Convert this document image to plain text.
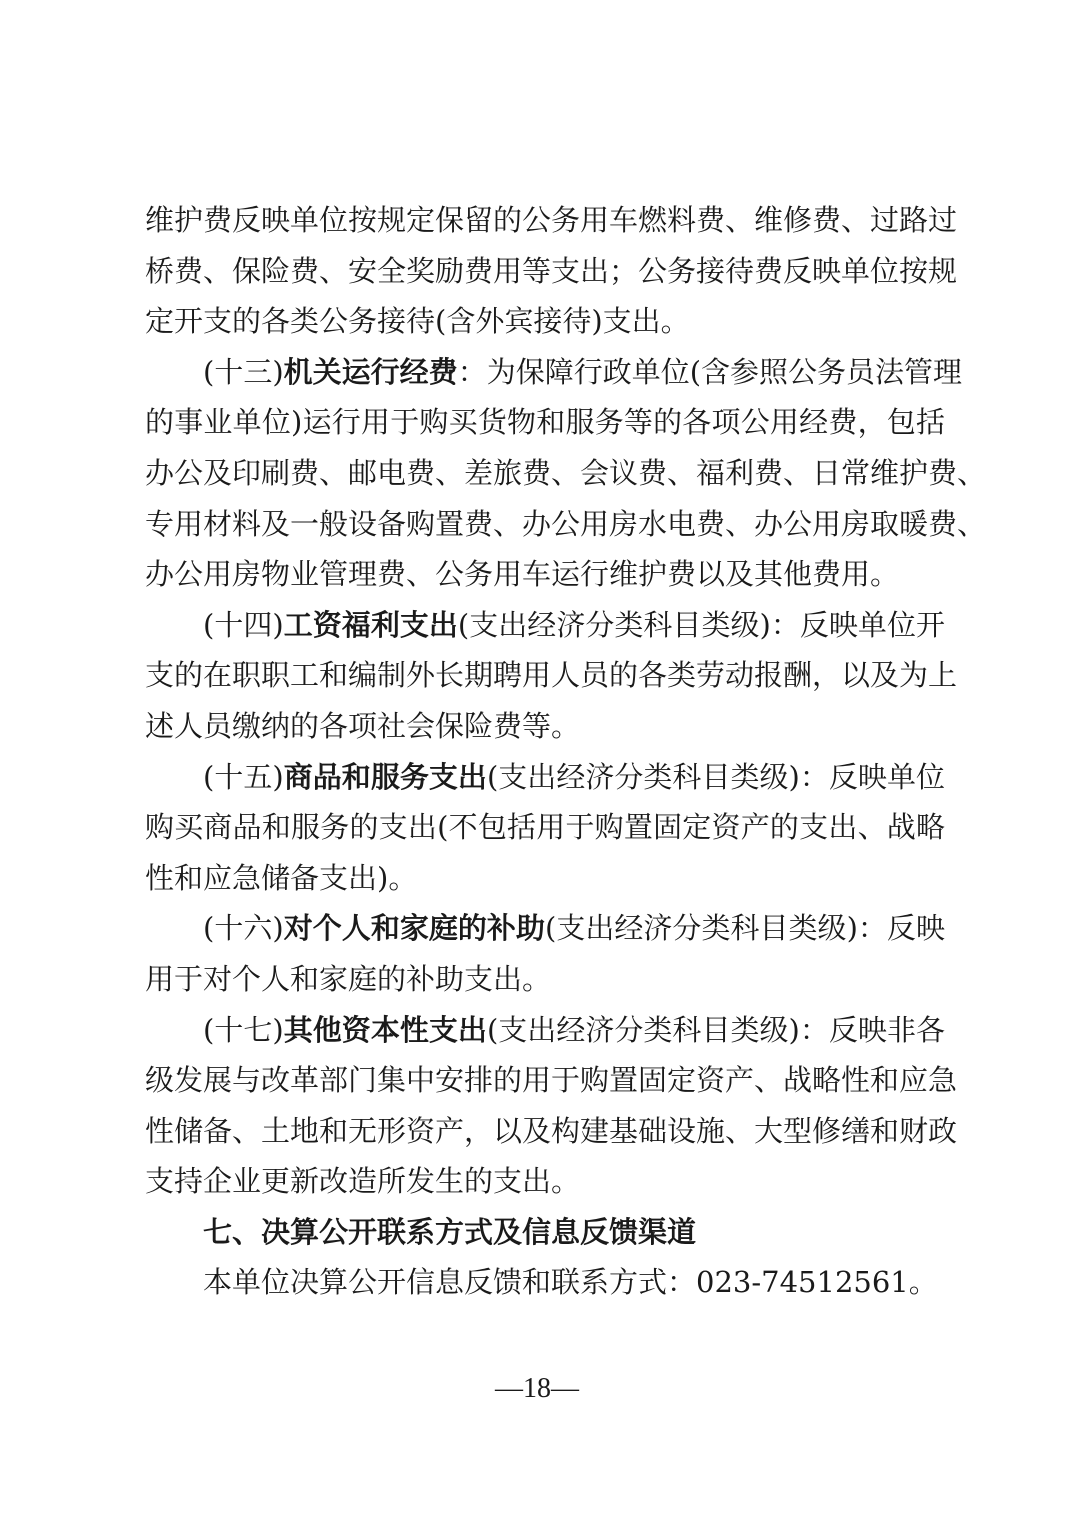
维护费反映单位按规定保留的公务用车燃料费、维修费、过路过
桥费、保险费、安全奖励费用等支出；公务接待费反映单位按规
定开支的各类公务接待(含外宾接待)支出。
(十三)机关运行经费：为保障行政单位(含参照公务员法管理
的事业单位)运行用于购买货物和服务等的各项公用经费，包括
办公及印刷费、邮电费、差旅费、会议费、福利费、日常维护费、
专用材料及一般设备购置费、办公用房水电费、办公用房取暖费、
办公用房物业管理费、公务用车运行维护费以及其他费用。
(十四)工资福利支出(支出经济分类科目类级)：反映单位开
支的在职职工和编制外长期聘用人员的各类劳动报酬，以及为上
述人员缴纳的各项社会保险费等。
(十五)商品和服务支出(支出经济分类科目类级)：反映单位
购买商品和服务的支出(不包括用于购置固定资产的支出、战略
性和应急储备支出)。
(十六)对个人和家庭的补助(支出经济分类科目类级)：反映
用于对个人和家庭的补助支出。
(十七)其他资本性支出(支出经济分类科目类级)：反映非各
级发展与改革部门集中安排的用于购置固定资产、战略性和应急
性储备、土地和无形资产，以及构建基础设施、大型修缮和财政
支持企业更新改造所发生的支出。
七、决算公开联系方式及信息反馈渠道
本单位决算公开信息反馈和联系方式：023-74512561。
—18—
